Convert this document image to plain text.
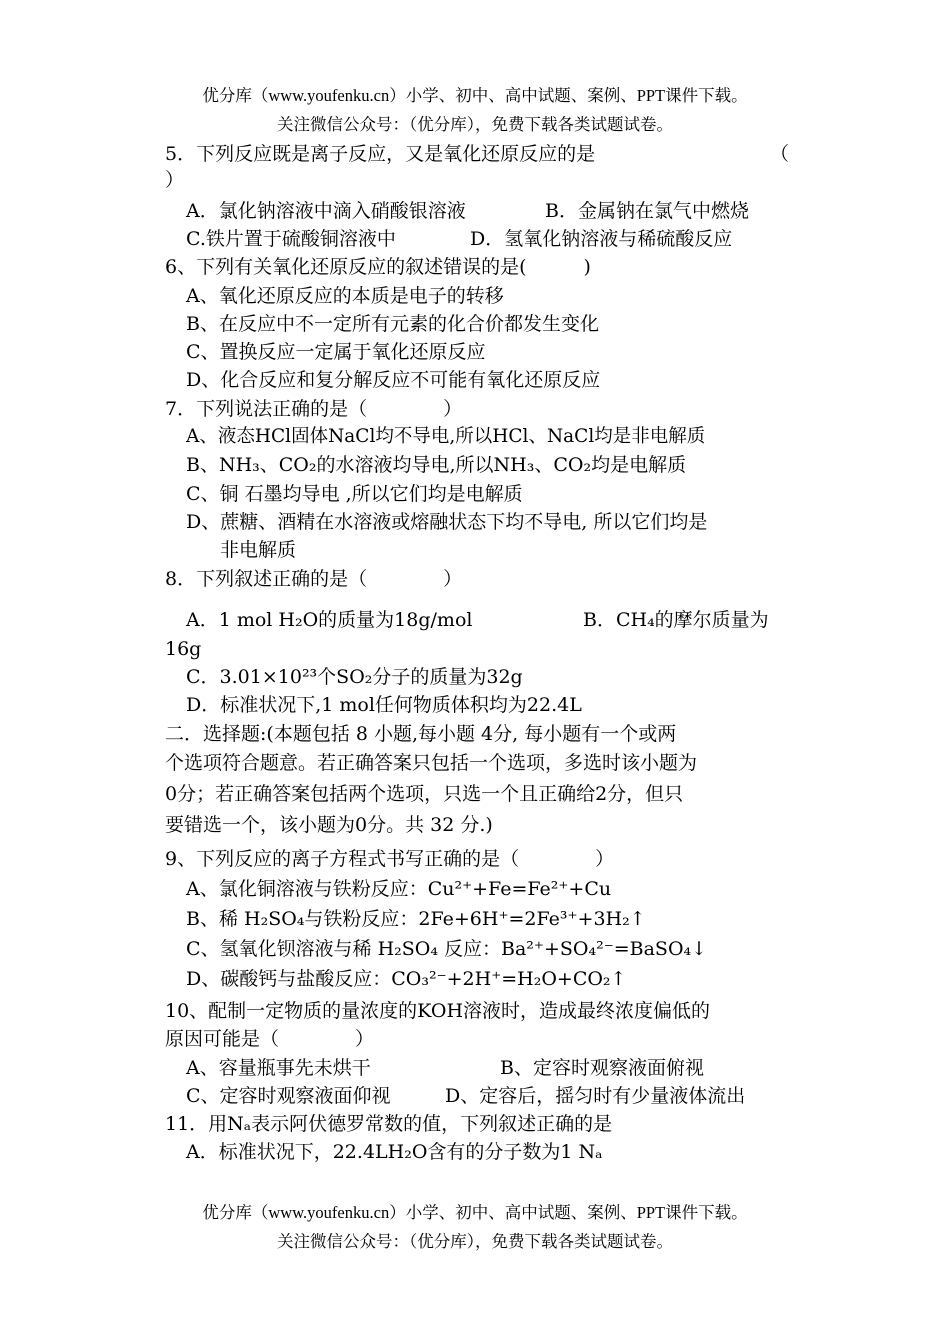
优分库（www.youfenku.cn）小学、初中、高中试题、案例、PPT课件下载。
关注微信公众号：（优分库），免费下载各类试题试卷。
5．下列反应既是离子反应，又是氧化还原反应的是	（
）
A．氯化钠溶液中滴入硝酸银溶液	B．金属钠在氯气中燃烧
C.铁片置于硫酸铜溶液中	D．氢氧化钠溶液与稀硫酸反应
6、下列有关氧化还原反应的叙述错误的是(　　　)
A、氧化还原反应的本质是电子的转移
B、在反应中不一定所有元素的化合价都发生变化
C、置换反应一定属于氧化还原反应
D、化合反应和复分解反应不可能有氧化还原反应
7．下列说法正确的是（　　　　）
A、液态HCl固体NaCl均不导电,所以HCl、NaCl均是非电解质
B、NH₃、CO₂的水溶液均导电,所以NH₃、CO₂均是电解质
C、铜 石墨均导电 ,所以它们均是电解质
D、蔗糖、酒精在水溶液或熔融状态下均不导电, 所以它们均是
非电解质
8．下列叙述正确的是（　　　　）
A．1 mol H₂O的质量为18g/mol	B．CH₄的摩尔质量为
16g
C．3.01×10²³个SO₂分子的质量为32g
D．标准状况下,1 mol任何物质体积均为22.4L
二．选择题:(本题包括 8 小题,每小题 4分, 每小题有一个或两
个选项符合题意。若正确答案只包括一个选项，多选时该小题为
0分；若正确答案包括两个选项，只选一个且正确给2分，但只
要错选一个，该小题为0分。共 32 分.)
9、下列反应的离子方程式书写正确的是（　　　　）
A、氯化铜溶液与铁粉反应：Cu²⁺+Fe=Fe²⁺+Cu
B、稀 H₂SO₄与铁粉反应：2Fe+6H⁺=2Fe³⁺+3H₂↑
C、氢氧化钡溶液与稀 H₂SO₄ 反应：Ba²⁺+SO₄²⁻=BaSO₄↓
D、碳酸钙与盐酸反应：CO₃²⁻+2H⁺=H₂O+CO₂↑
10、配制一定物质的量浓度的KOH溶液时，造成最终浓度偏低的
原因可能是（　　　　）
A、容量瓶事先未烘干	B、定容时观察液面俯视
C、定容时观察液面仰视	D、定容后，摇匀时有少量液体流出
11．用Nₐ表示阿伏德罗常数的值，下列叙述正确的是
A．标准状况下，22.4LH₂O含有的分子数为1 Nₐ
优分库（www.youfenku.cn）小学、初中、高中试题、案例、PPT课件下载。
关注微信公众号：（优分库），免费下载各类试题试卷。
